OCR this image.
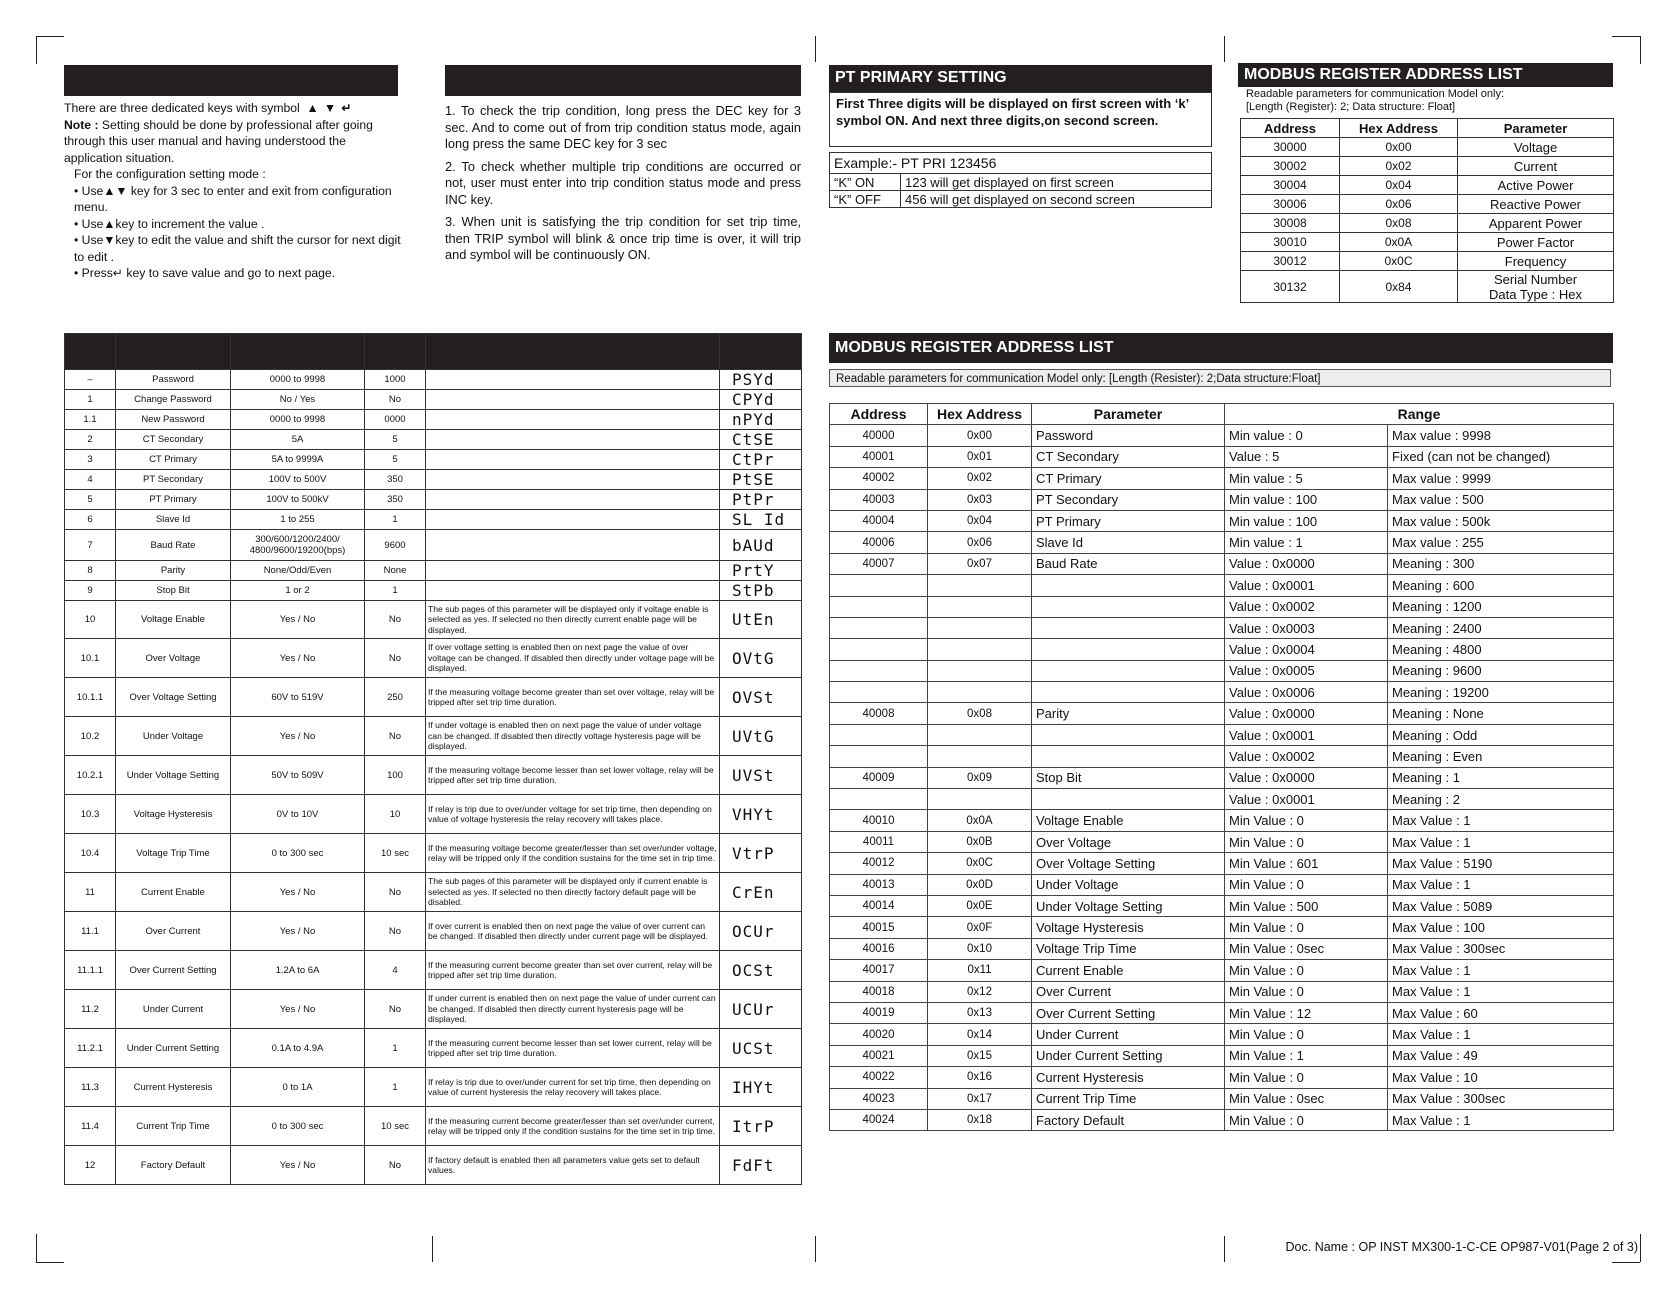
There are three dedicated keys with symbol ▲ ▼ ↵

Note : Setting should be done by professional after going through this user manual and having understood the application situation.

For the configuration setting mode :

• Use▲▼ key for 3 sec to enter and exit from configuration menu.

• Use▲key to increment the value .

• Use▼key to edit the value and shift the cursor for next digit to edit .

• Press↵ key to save value and go to next page.

1. To check the trip condition, long press the DEC key for 3 sec. And to come out of from trip condition status mode, again long press the same DEC key for 3 sec

2. To check whether multiple trip conditions are occurred or not, user must enter into trip condition status mode and press INC key.

3. When unit is satisfying the trip condition for set trip time, then TRIP symbol will blink & once trip time is over, it will trip and symbol will be continuously ON.

PT PRIMARY SETTING
First Three digits will be displayed on first screen with ‘k’ symbol ON. And next three digits,on second screen.
Example:- PT PRI 123456	
“K” ON	123 will get displayed on first screen
“K” OFF	456 will get displayed on second screen
MODBUS REGISTER ADDRESS LIST
Readable parameters for communication Model only:
[Length (Register): 2; Data structure: Float]
Address	Hex Address	Parameter
30000	0x00	Voltage

30002	0x02	Current

30004	0x04	Active Power

30006	0x06	Reactive Power

30008	0x08	Apparent Power

30010	0x0A	Power Factor

30012	0x0C	Frequency

30132	0x84	Serial Number
Data Type : Hex

–	Password	0000 to 9998	1000		PSYd
1	Change Password	No / Yes	No		CPYd
1.1	New Password	0000 to 9998	0000		nPYd
2	CT Secondary	5A	5		CtSE
3	CT Primary	5A to 9999A	5		CtPr
4	PT Secondary	100V to 500V	350		PtSE
5	PT Primary	100V to 500kV	350		PtPr
6	Slave Id	1 to 255	1		SL Id
7	Baud Rate	300/600/1200/2400/ 4800/9600/19200(bps)	9600		bAUd
8	Parity	None/Odd/Even	None		PrtY
9	Stop Bit	1 or 2	1		StPb
10	Voltage Enable	Yes / No	No	The sub pages of this parameter will be displayed only if voltage enable is selected as yes. If selected no then directly current enable page will be displayed.	UtEn
10.1	Over Voltage	Yes / No	No	If over voltage setting is enabled then on next page the value of over voltage can be changed. If disabled then directly under voltage page will be displayed.	OVtG
10.1.1	Over Voltage Setting	60V to 519V	250	If the measuring voltage become greater than set over voltage, relay will be tripped after set trip time duration.	OVSt
10.2	Under Voltage	Yes / No	No	If under voltage is enabled then on next page the value of under voltage can be changed. If disabled then directly voltage hysteresis page will be displayed.	UVtG
10.2.1	Under Voltage Setting	50V to 509V	100	If the measuring voltage become lesser than set lower voltage, relay will be tripped after set trip time duration.	UVSt
10.3	Voltage Hysteresis	0V to 10V	10	If relay is trip due to over/under voltage for set trip time, then depending on value of voltage hysteresis the relay recovery will takes place.	VHYt
10.4	Voltage Trip Time	0 to 300 sec	10 sec	If the measuring voltage become greater/lesser than set over/under voltage, relay will be tripped only if the condition sustains for the time set in trip time.	VtrP
11	Current Enable	Yes / No	No	The sub pages of this parameter will be displayed only if current enable is selected as yes. If selected no then directly factory default page will be disabled.	CrEn
11.1	Over Current	Yes / No	No	If over current is enabled then on next page the value of over current can be changed. If disabled then directly under current page will be displayed.	OCUr
11.1.1	Over Current Setting	1.2A to 6A	4	If the measuring current become greater than set over current, relay will be tripped after set trip time duration.	OCSt
11.2	Under Current	Yes / No	No	If under current is enabled then on next page the value of under current can be changed. If disabled then directly current hysteresis page will be displayed.	UCUr
11.2.1	Under Current Setting	0.1A to 4.9A	1	If the measuring current become lesser than set lower current, relay will be tripped after set trip time duration.	UCSt
11.3	Current Hysteresis	0 to 1A	1	If relay is trip due to over/under current for set trip time, then depending on value of current hysteresis the relay recovery will takes place.	IHYt
11.4	Current Trip Time	0 to 300 sec	10 sec	If the measuring current become greater/lesser than set over/under current, relay will be tripped only if the condition sustains for the time set in trip time.	ItrP
12	Factory Default	Yes / No	No	If factory default is enabled then all parameters value gets set to default values.	FdFt
MODBUS REGISTER ADDRESS LIST
Readable parameters for communication Model only: [Length (Resister): 2;Data structure:Float]
Address	Hex Address	Parameter	Range	
40000	0x00	Password	Min value : 0	Max value : 9998
40001	0x01	CT Secondary	Value : 5	Fixed (can not be changed)
40002	0x02	CT Primary	Min value : 5	Max value : 9999
40003	0x03	PT Secondary	Min value : 100	Max value : 500
40004	0x04	PT Primary	Min value : 100	Max value : 500k
40006	0x06	Slave Id	Min value : 1	Max value : 255
40007	0x07	Baud Rate	Value : 0x0000	Meaning : 300
			Value : 0x0001	Meaning : 600
			Value : 0x0002	Meaning : 1200
			Value : 0x0003	Meaning : 2400
			Value : 0x0004	Meaning : 4800
			Value : 0x0005	Meaning : 9600
			Value : 0x0006	Meaning : 19200
40008	0x08	Parity	Value : 0x0000	Meaning : None
			Value : 0x0001	Meaning : Odd
			Value : 0x0002	Meaning : Even
40009	0x09	Stop Bit	Value : 0x0000	Meaning : 1
			Value : 0x0001	Meaning : 2
40010	0x0A	Voltage Enable	Min Value : 0	Max Value : 1
40011	0x0B	Over Voltage	Min Value : 0	Max Value : 1
40012	0x0C	Over Voltage Setting	Min Value : 601	Max Value : 5190
40013	0x0D	Under Voltage	Min Value : 0	Max Value : 1
40014	0x0E	Under Voltage Setting	Min Value : 500	Max Value : 5089
40015	0x0F	Voltage Hysteresis	Min Value : 0	Max Value : 100
40016	0x10	Voltage Trip Time	Min Value : 0sec	Max Value : 300sec
40017	0x11	Current Enable	Min Value : 0	Max Value : 1
40018	0x12	Over Current	Min Value : 0	Max Value : 1
40019	0x13	Over Current Setting	Min Value : 12	Max Value : 60
40020	0x14	Under Current	Min Value : 0	Max Value : 1
40021	0x15	Under Current Setting	Min Value : 1	Max Value : 49
40022	0x16	Current Hysteresis	Min Value : 0	Max Value : 10
40023	0x17	Current Trip Time	Min Value : 0sec	Max Value : 300sec
40024	0x18	Factory Default	Min Value : 0	Max Value : 1
Doc. Name : OP INST MX300-1-C-CE OP987-V01(Page 2 of 3)
